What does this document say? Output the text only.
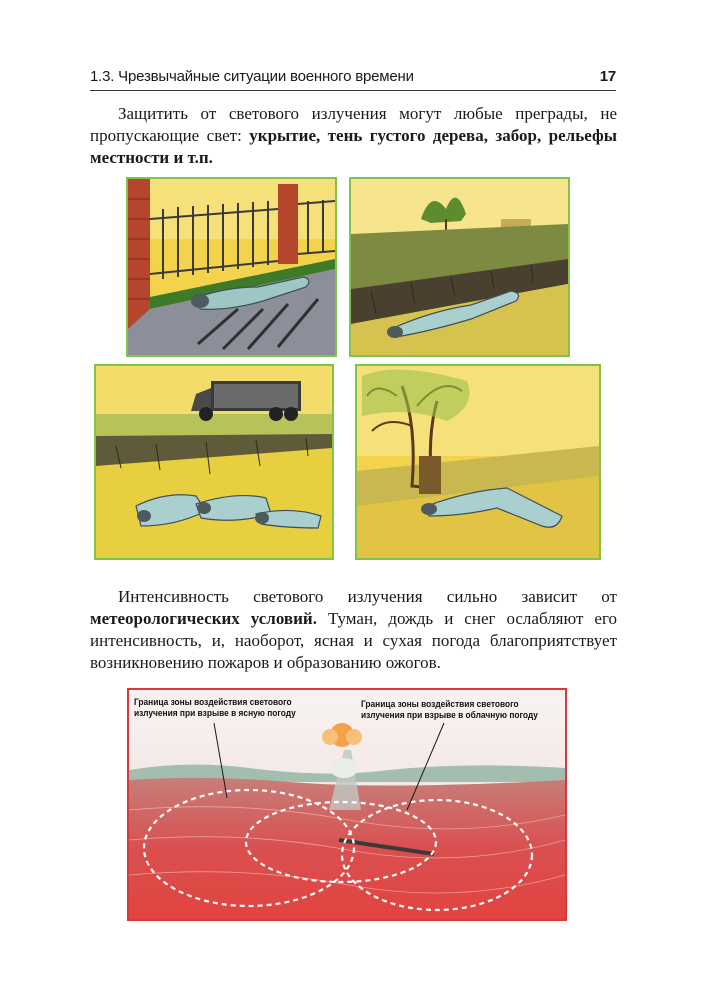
1.3. Чрезвычайные ситуации военного времени	17

Защитить от светового излучения могут любые преграды, не пропускающие свет: укрытие, тень густого дерева, забор, рельефы местности и т.п.

Интенсивность светового излучения сильно зависит от метеорологических условий. Туман, дождь и снег ослабляют его интенсивность, и, наоборот, ясная и сухая погода благоприятствует возникновению пожаров и образованию ожогов.

Граница зоны воздействия светового излучения при взрыве в ясную погоду
Граница зоны воздействия светового излучения при взрыве в облачную погоду
